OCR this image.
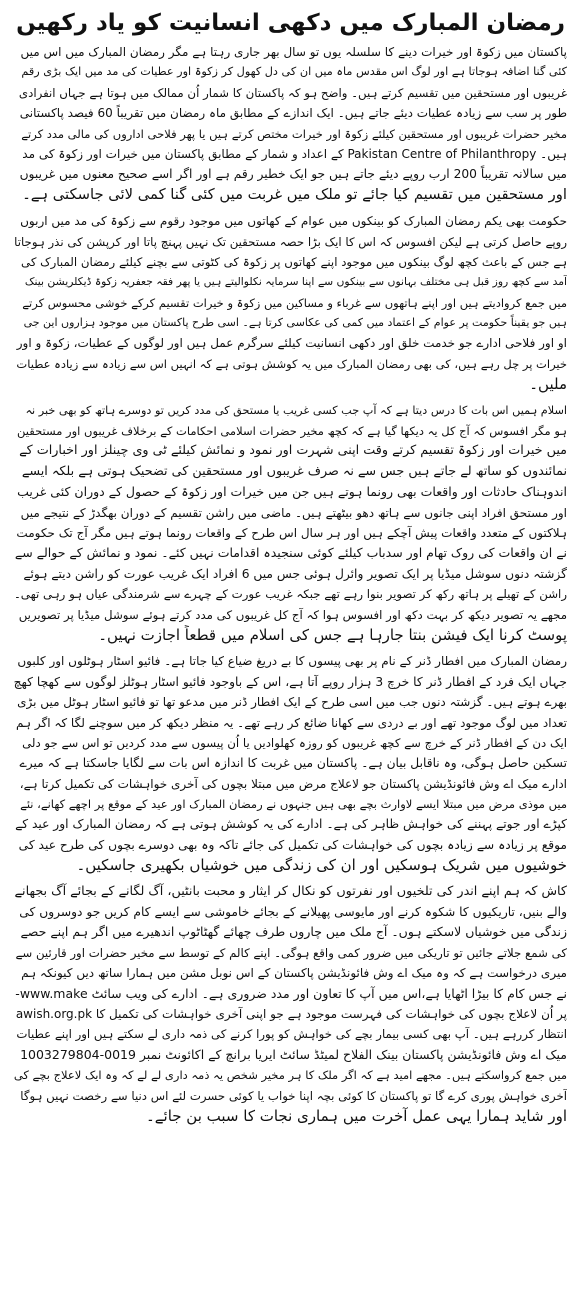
رمضان المبارک میں دکھی انسانیت کو یاد رکھیں
پاکستان میں زکوۃ اور خیرات دینے کا سلسلہ یوں تو سال بھر جاری رہتا ہے مگر رمضان المبارک میں اس میں
کئی گنا اضافہ ہوجاتا ہے اور لوگ اس مقدس ماہ میں ان کی دل کھول کر زکوۃ اور عطیات کی مد میں ایک بڑی رقم
غریبوں اور مستحقین میں تقسیم کرتے ہیں۔ واضح ہو کہ پاکستان کا شمار اُن ممالک میں ہوتا ہے جہاں انفرادی
طور پر سب سے زیادہ عطیات دیئے جاتے ہیں۔ ایک اندازے کے مطابق ماہ رمضان میں تقریباً 60 فیصد پاکستانی
مخیر حضرات غریبوں اور مستحقین کیلئے زکوۃ اور خیرات مختص کرتے ہیں یا پھر فلاحی اداروں کی مالی مدد کرتے
ہیں۔ Pakistan Centre of Philanthropy کے اعداد و شمار کے مطابق پاکستان میں خیرات اور زکوۃ کی مد
میں سالانہ تقریباً 200 ارب روپے دیئے جاتے ہیں جو ایک خطیر رقم ہے اور اگر اسے صحیح معنوں میں غریبوں
اور مستحقین میں تقسیم کیا جائے تو ملک میں غربت میں کئی گنا کمی لائی جاسکتی ہے۔
حکومت بھی یکم رمضان المبارک کو بینکوں میں عوام کے کھاتوں میں موجود رقوم سے زکوۃ کی مد میں اربوں
روپے حاصل کرتی ہے لیکن افسوس کہ اس کا ایک بڑا حصہ مستحقین تک نہیں پہنچ پاتا اور کرپشن کی نذر ہوجاتا
ہے جس کے باعث کچھ لوگ بینکوں میں موجود اپنے کھاتوں پر زکوۃ کی کٹوتی سے بچنے کیلئے رمضان المبارک کی
آمد سے کچھ روز قبل ہی مختلف بہانوں سے بینکوں سے اپنا سرمایہ نکلوالیتے ہیں یا پھر فقہ جعفریہ زکوۃ ڈیکلریشن بینک
میں جمع کروادیتے ہیں اور اپنے ہاتھوں سے غرباء و مساکین میں زکوۃ و خیرات تقسیم کرکے خوشی محسوس کرتے
ہیں جو یقیناً حکومت پر عوام کے اعتماد میں کمی کی عکاسی کرتا ہے۔ اسی طرح پاکستان میں موجود ہزاروں این جی
او اور فلاحی ادارے جو خدمت خلق اور دکھی انسانیت کیلئے سرگرم عمل ہیں اور لوگوں کے عطیات، زکوۃ و اور
خیرات پر چل رہے ہیں، کی بھی رمضان المبارک میں یہ کوشش ہوتی ہے کہ انہیں اس سے زیادہ سے زیادہ عطیات
ملیں۔
اسلام ہمیں اس بات کا درس دیتا ہے کہ آپ جب کسی غریب یا مستحق کی مدد کریں تو دوسرے ہاتھ کو بھی خبر نہ
ہو مگر افسوس کہ آج کل یہ دیکھا گیا ہے کہ کچھ مخیر حضرات اسلامی احکامات کے برخلاف غریبوں اور مستحقین
میں خیرات اور زکوۃ تقسیم کرتے وقت اپنی شہرت اور نمود و نمائش کیلئے ٹی وی چینلز اور اخبارات کے
نمائندوں کو ساتھ لے جاتے ہیں جس سے نہ صرف غریبوں اور مستحقین کی تضحیک ہوتی ہے بلکہ ایسے
اندوہناک حادثات اور واقعات بھی رونما ہوتے ہیں جن میں خیرات اور زکوۃ کے حصول کے دوران کئی غریب
اور مستحق افراد اپنی جانوں سے ہاتھ دھو بیٹھتے ہیں۔ ماضی میں راشن تقسیم کے دوران بھگدڑ کے نتیجے میں
ہلاکتوں کے متعدد واقعات پیش آچکے ہیں اور ہر سال اس طرح کے واقعات رونما ہوتے ہیں مگر آج تک حکومت
نے ان واقعات کی روک تھام اور سدباب کیلئے کوئی سنجیدہ اقدامات نہیں کئے۔ نمود و نمائش کے حوالے سے
گزشتہ دنوں سوشل میڈیا پر ایک تصویر وائرل ہوئی جس میں 6 افراد ایک غریب عورت کو راشن دیتے ہوئے
راشن کے تھیلے پر ہاتھ رکھ کر تصویر بنوا رہے تھے جبکہ غریب عورت کے چہرے سے شرمندگی عیاں ہو رہی تھی۔
مجھے یہ تصویر دیکھ کر بہت دکھ اور افسوس ہوا کہ آج کل غریبوں کی مدد کرتے ہوئے سوشل میڈیا پر تصویریں
پوسٹ کرنا ایک فیشن بنتا جارہا ہے جس کی اسلام میں قطعاً اجازت نہیں۔
رمضان المبارک میں افطار ڈنر کے نام پر بھی پیسوں کا بے دریغ ضیاع کیا جاتا ہے۔ فائیو اسٹار ہوٹلوں اور کلبوں
جہاں ایک فرد کے افطار ڈنر کا خرچ 3 ہزار روپے آتا ہے، اس کے باوجود فائیو اسٹار ہوٹلز لوگوں سے کھچا کھچ
بھرے ہوتے ہیں۔ گزشتہ دنوں جب میں اسی طرح کے ایک افطار ڈنر میں مدعو تھا تو فائیو اسٹار ہوٹل میں بڑی
تعداد میں لوگ موجود تھے اور بے دردی سے کھانا ضائع کر رہے تھے۔ یہ منظر دیکھ کر میں سوچنے لگا کہ اگر ہم
ایک دن کے افطار ڈنر کے خرچ سے کچھ غریبوں کو روزہ کھلوادیں یا اُن پیسوں سے مدد کردیں تو اس سے جو دلی
تسکین حاصل ہوگی، وہ ناقابل بیان ہے۔ پاکستان میں غربت کا اندازہ اس بات سے لگایا جاسکتا ہے کہ میرے
ادارے میک اے وش فائونڈیشن پاکستان جو لاعلاج مرض میں مبتلا بچوں کی آخری خواہشات کی تکمیل کرتا ہے،
میں موذی مرض میں مبتلا ایسے لاوارث بچے بھی ہیں جنہوں نے رمضان المبارک اور عید کے موقع پر اچھے کھانے، نئے
کپڑے اور جوتے پہننے کی خواہش ظاہر کی ہے۔ ادارے کی یہ کوشش ہوتی ہے کہ رمضان المبارک اور عید کے
موقع پر زیادہ سے زیادہ بچوں کی خواہشات کی تکمیل کی جائے تاکہ وہ بھی دوسرے بچوں کی طرح عید کی
خوشیوں میں شریک ہوسکیں اور ان کی زندگی میں خوشیاں بکھیری جاسکیں۔
کاش کہ ہم اپنے اندر کی تلخیوں اور نفرتوں کو نکال کر ایثار و محبت بانٹیں، آگ لگانے کے بجائے آگ بجھانے
والے بنیں، تاریکیوں کا شکوہ کرنے اور مایوسی پھیلانے کے بجائے خاموشی سے ایسے کام کریں جو دوسروں کی
زندگی میں خوشیاں لاسکتے ہوں۔ آج ملک میں چاروں طرف چھائے گھٹاٹوپ اندھیرے میں اگر ہم اپنے حصے
کی شمع جلاتے جائیں تو تاریکی میں ضرور کمی واقع ہوگی۔ اپنے کالم کے توسط سے مخیر حضرات اور قارئین سے
میری درخواست ہے کہ وہ میک اے وش فائونڈیشن پاکستان کے اس نوبل مشن میں ہمارا ساتھ دیں کیونکہ ہم
نے جس کام کا بیڑا اٹھایا ہے،اس میں آپ کا تعاون اور مدد ضروری ہے۔ ادارے کی ویب سائٹ www.make-
awish.org.pk پر اُن لاعلاج بچوں کی خواہشات کی فہرست موجود ہے جو اپنی آخری خواہشات کی تکمیل کا
انتظار کررہے ہیں۔ آپ بھی کسی بیمار بچے کی خواہش کو پورا کرنے کی ذمہ داری لے سکتے ہیں اور اپنے عطیات
میک اے وش فائونڈیشن پاکستان بینک الفلاح لمیٹڈ سائٹ ایریا برانچ کے اکائونٹ نمبر 0019-1003279804
میں جمع کرواسکتے ہیں۔ مجھے امید ہے کہ اگر ملک کا ہر مخیر شخص یہ ذمہ داری لے لے کہ وہ ایک لاعلاج بچے کی
آخری خواہش پوری کرے گا تو پاکستان کا کوئی بچہ اپنا خواب یا کوئی حسرت لئے اس دنیا سے رخصت نہیں ہوگا
اور شاید ہمارا یہی عمل آخرت میں ہماری نجات کا سبب بن جائے۔
